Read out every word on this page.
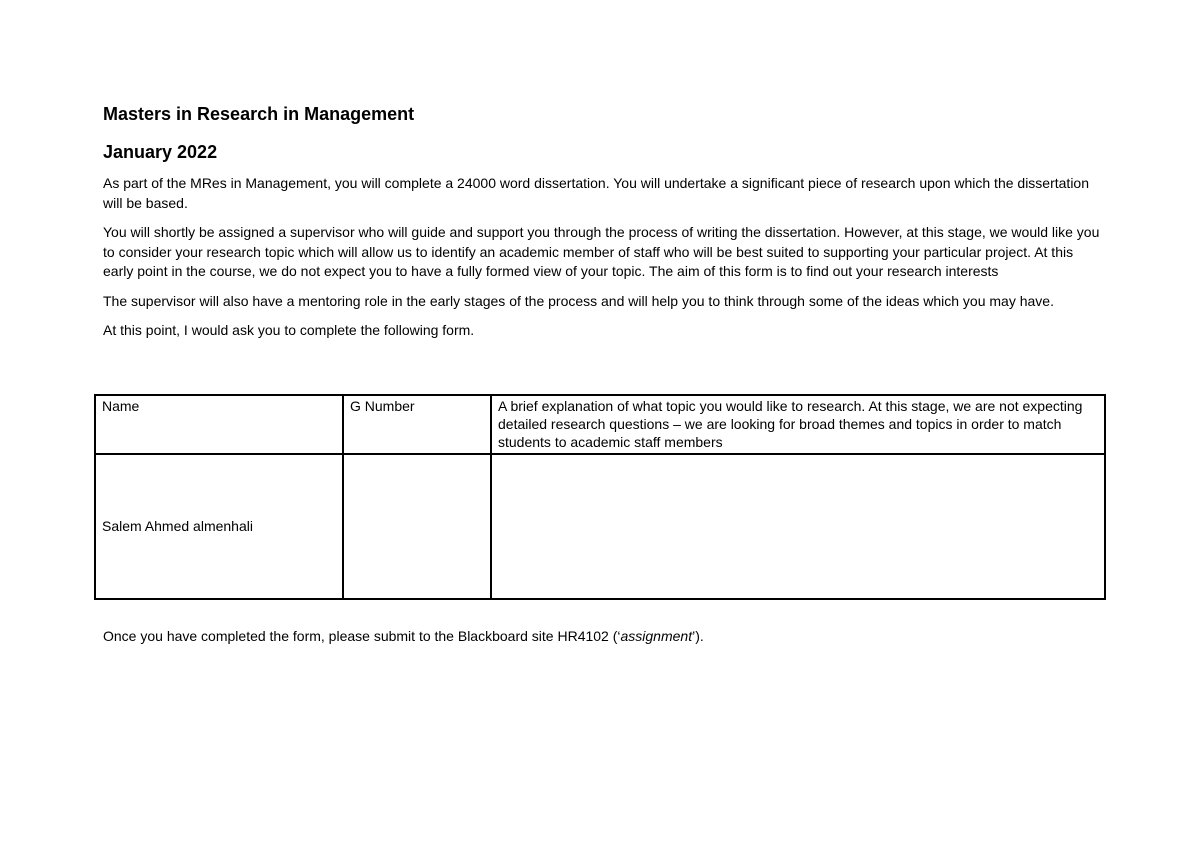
Masters in Research in Management
January 2022

As part of the MRes in Management, you will complete a 24000 word dissertation. You will undertake a significant piece of research upon which the dissertation will be based.

You will shortly be assigned a supervisor who will guide and support you through the process of writing the dissertation. However, at this stage, we would like you to consider your research topic which will allow us to identify an academic member of staff who will be best suited to supporting your particular project. At this early point in the course, we do not expect you to have a fully formed view of your topic. The aim of this form is to find out your research interests

The supervisor will also have a mentoring role in the early stages of the process and will help you to think through some of the ideas which you may have.

At this point, I would ask you to complete the following form.

Name	G Number	A brief explanation of what topic you would like to research. At this stage, we are not expecting detailed research questions – we are looking for broad themes and topics in order to match students to academic staff members
Salem Ahmed almenhali		

Once you have completed the form, please submit to the Blackboard site HR4102 (‘assignment’).
